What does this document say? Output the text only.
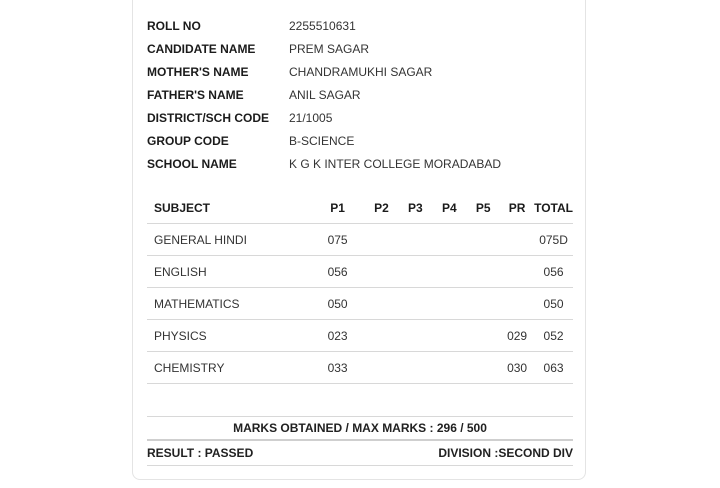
ROLL NO	2255510631
CANDIDATE NAME	PREM SAGAR
MOTHER'S NAME	CHANDRAMUKHI SAGAR
FATHER'S NAME	ANIL SAGAR
DISTRICT/SCH CODE	21/1005
GROUP CODE	B-SCIENCE
SCHOOL NAME	K G K INTER COLLEGE MORADABAD
SUBJECT	P1	P2	P3	P4	P5	PR	TOTAL
GENERAL HINDI	075						075D
ENGLISH	056						056
MATHEMATICS	050						050
PHYSICS	023					029	052
CHEMISTRY	033					030	063
MARKS OBTAINED / MAX MARKS : 296 / 500
RESULT : PASSED	DIVISION :SECOND DIV
